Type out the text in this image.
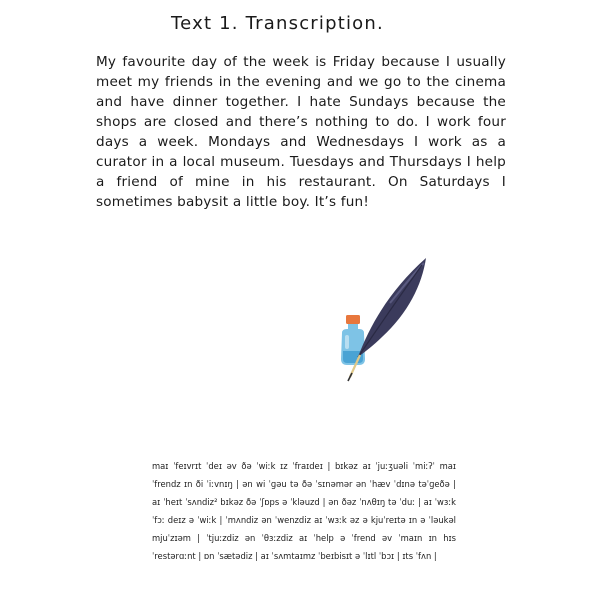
Text 1. Transcription.

My favourite day of the week is Friday because I usually meet my friends in the evening and we go to the cinema and have dinner together. I hate Sundays because the shops are closed and there’s nothing to do. I work four days a week. Mondays and Wednesdays I work as a curator in a local museum. Tuesdays and Thursdays I help a friend of mine in his restaurant. On Saturdays I sometimes babysit a little boy. It’s fun!

maɪ ˈfeɪvrɪt ˈdeɪ əv ðə ˈwiːk ɪz ˈfraɪdeɪ | bɪkəz aɪ ˈjuːʒuəli ˈmiːʔˈ maɪ ˈfrendz ɪn ði ˈiːvnɪŋ | ən wi ˈɡəu tə ðə ˈsɪnəmər ən ˈhæv ˈdɪnə təˈɡeðə | aɪ ˈheɪt ˈsʌndiz² bɪkəz ðə ˈʃɒps ə ˈkləuzd | ən ðəz ˈnʌθɪŋ tə ˈduː | aɪ ˈwɜːk ˈfɔː deɪz ə ˈwiːk | ˈmʌndiz ən ˈwenzdiz aɪ ˈwɜːk əz ə kjuˈreɪtə ɪn ə ˈləukəl mjuˈzɪəm | ˈtjuːzdiz ən ˈθɜːzdiz aɪ ˈhelp ə ˈfrend əv ˈmaɪn ɪn hɪs ˈrestərɑːnt | ɒn ˈsætədiz | aɪ ˈsʌmtaɪmz ˈbeɪbisɪt ə ˈlɪtl ˈbɔɪ | ɪts ˈfʌn |
